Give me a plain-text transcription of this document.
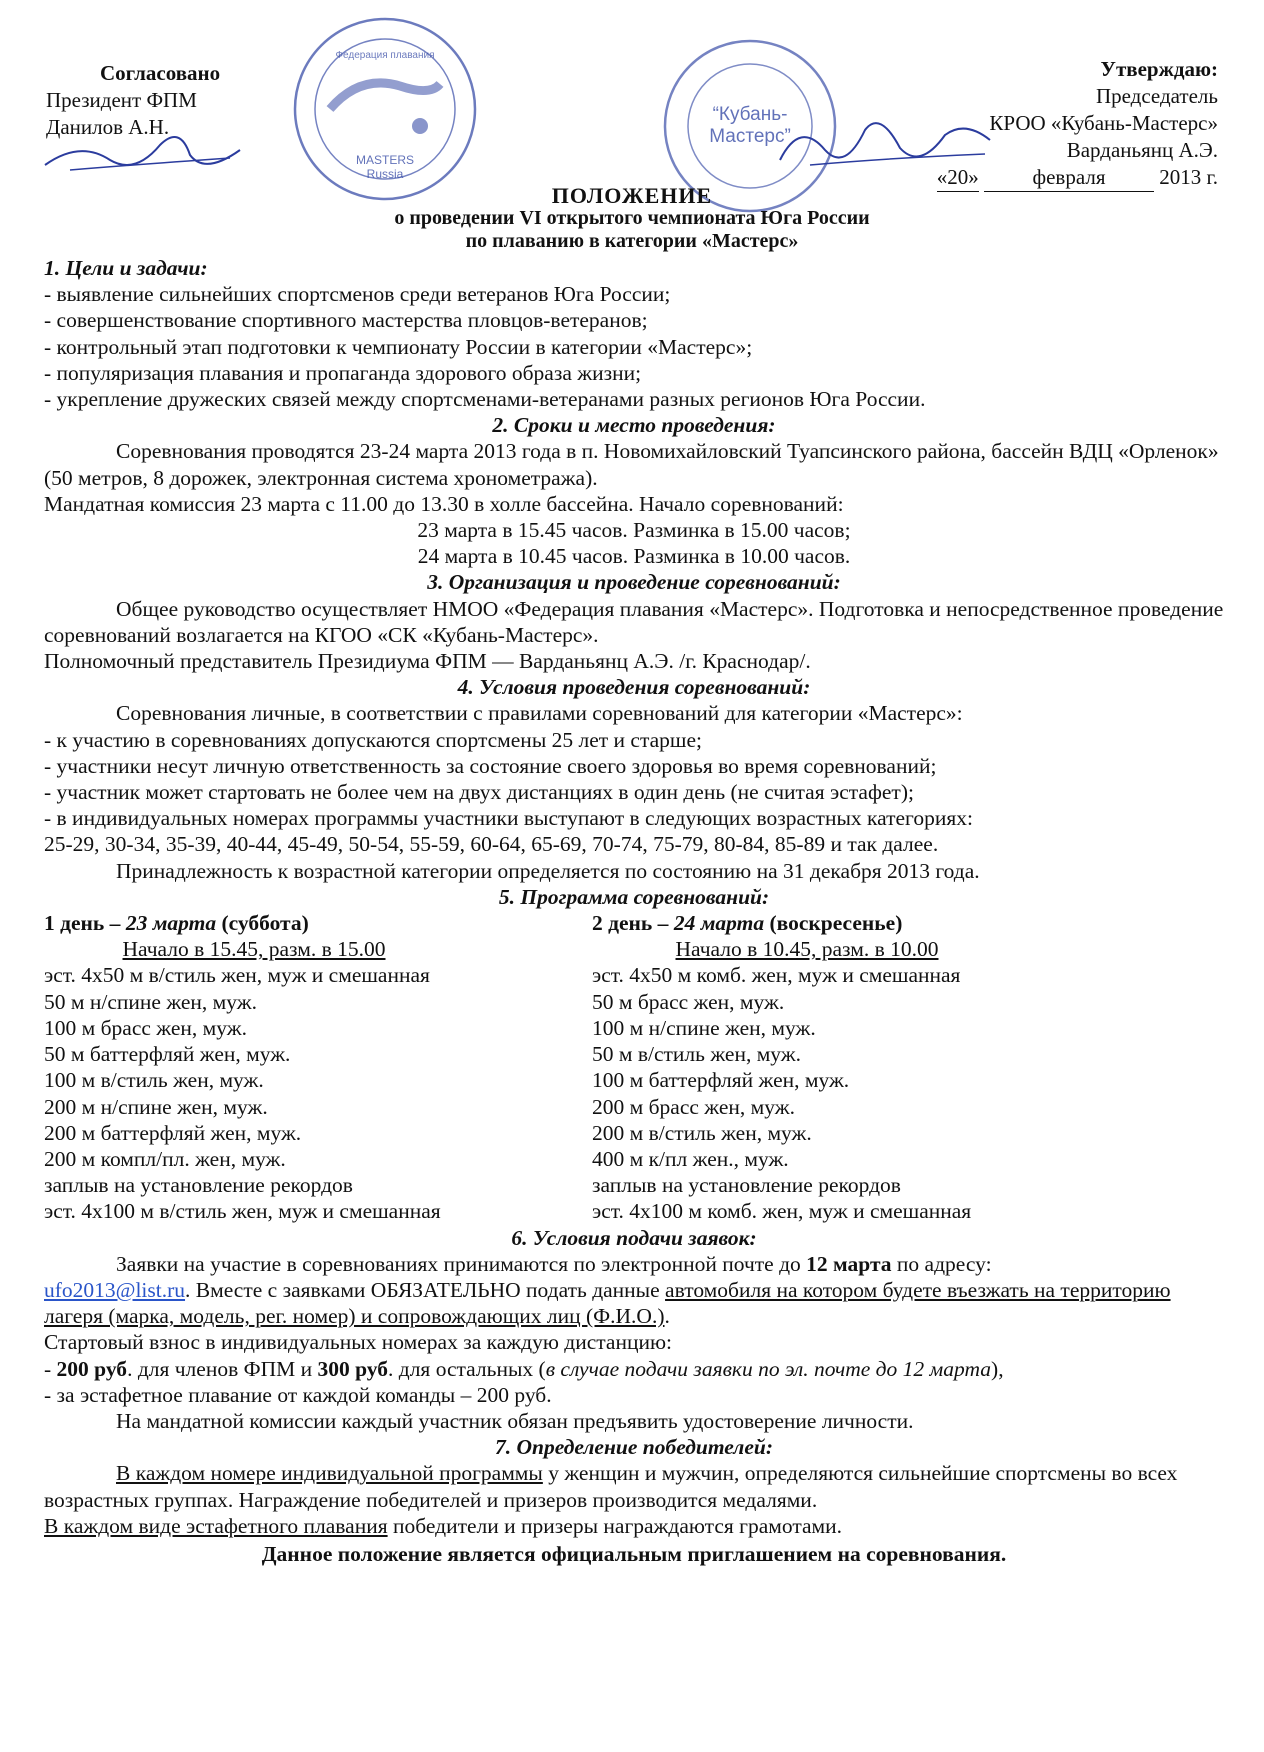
MASTERS
Russia
Федерация плавания
“Кубань-
Мастерс”
Согласовано
Президент ФПМ
Данилов А.Н.
Утверждаю:
Председатель
КРОО «Кубань-Мастерс»
Варданьянц А.Э.
«20»	февраля	2013 г.
ПОЛОЖЕНИЕ
о проведении VI открытого чемпионата Юга России
по плаванию в категории «Мастерс»

1. Цели и задачи:

- выявление сильнейших спортсменов среди ветеранов Юга России;

- совершенствование спортивного мастерства пловцов-ветеранов;

- контрольный этап подготовки к чемпионату России в категории «Мастерс»;

- популяризация плавания и пропаганда здорового образа жизни;

- укрепление дружеских связей между спортсменами-ветеранами разных регионов Юга России.

2. Сроки и место проведения:

Соревнования проводятся 23-24 марта 2013 года в п. Новомихайловский Туапсинского района, бассейн ВДЦ «Орленок» (50 метров, 8 дорожек, электронная система хронометража).

Мандатная комиссия 23 марта с 11.00 до 13.30 в холле бассейна. Начало соревнований:

23 марта в 15.45 часов. Разминка в 15.00 часов;

24 марта в 10.45 часов. Разминка в 10.00 часов.

3. Организация и проведение соревнований:

Общее руководство осуществляет НМОО «Федерация плавания «Мастерс». Подготовка и непосредственное проведение соревнований возлагается на КГОО «СК «Кубань-Мастерс».

Полномочный представитель Президиума ФПМ — Варданьянц А.Э. /г. Краснодар/.

4. Условия проведения соревнований:

Соревнования личные, в соответствии с правилами соревнований для категории «Мастерс»:

- к участию в соревнованиях допускаются спортсмены 25 лет и старше;

- участники несут личную ответственность за состояние своего здоровья во время соревнований;

- участник может стартовать не более чем на двух дистанциях в один день (не считая эстафет);

- в индивидуальных номерах программы участники выступают в следующих возрастных категориях:

25-29, 30-34, 35-39, 40-44, 45-49, 50-54, 55-59, 60-64, 65-69, 70-74, 75-79, 80-84, 85-89 и так далее.

Принадлежность к возрастной категории определяется по состоянию на 31 декабря 2013 года.

5. Программа соревнований:

1 день – 23 марта (суббота)

Начало в 15.45, разм. в 15.00

эст. 4х50 м в/стиль жен, муж и смешанная

50 м н/спине жен, муж.

100 м брасс жен, муж.

50 м баттерфляй жен, муж.

100 м в/стиль жен, муж.

200 м н/спине жен, муж.

200 м баттерфляй жен, муж.

200 м компл/пл. жен, муж.

заплыв на установление рекордов

эст. 4х100 м в/стиль жен, муж и смешанная

2 день – 24 марта (воскресенье)

Начало в 10.45, разм. в 10.00

эст. 4х50 м комб. жен, муж и смешанная

50 м брасс жен, муж.

100 м н/спине жен, муж.

50 м в/стиль жен, муж.

100 м баттерфляй жен, муж.

200 м брасс жен, муж.

200 м в/стиль жен, муж.

400 м к/пл жен., муж.

заплыв на установление рекордов

эст. 4х100 м комб. жен, муж и смешанная

6. Условия подачи заявок:

Заявки на участие в соревнованиях принимаются по электронной почте до 12 марта по адресу:

ufo2013@list.ru. Вместе с заявками ОБЯЗАТЕЛЬНО подать данные автомобиля на котором будете въезжать на территорию лагеря (марка, модель, рег. номер) и сопровождающих лиц (Ф.И.О.).

Стартовый взнос в индивидуальных номерах за каждую дистанцию:

- 200 руб. для членов ФПМ и 300 руб. для остальных (в случае подачи заявки по эл. почте до 12 марта),

- за эстафетное плавание от каждой команды – 200 руб.

На мандатной комиссии каждый участник обязан предъявить удостоверение личности.

7. Определение победителей:

В каждом номере индивидуальной программы у женщин и мужчин, определяются сильнейшие спортсмены во всех возрастных группах. Награждение победителей и призеров производится медалями.

В каждом виде эстафетного плавания победители и призеры награждаются грамотами.

Данное положение является официальным приглашением на соревнования.
